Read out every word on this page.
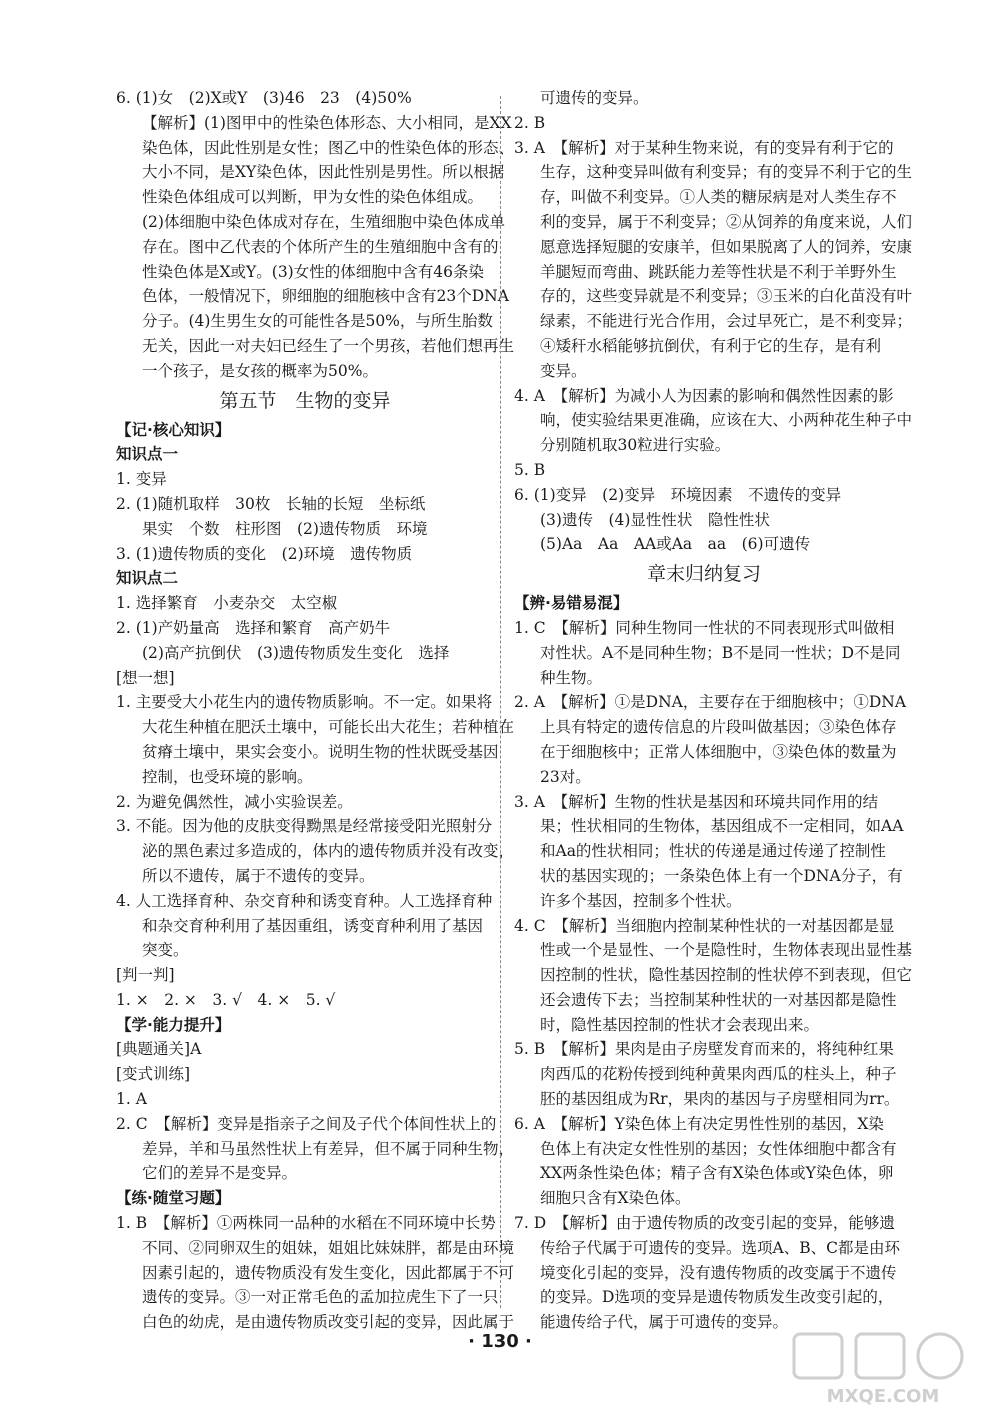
6. (1)女　(2)X或Y　(3)46　23　(4)50%
【解析】(1)图甲中的性染色体形态、大小相同，是XX
染色体，因此性别是女性；图乙中的性染色体的形态、
大小不同，是XY染色体，因此性别是男性。所以根据
性染色体组成可以判断，甲为女性的染色体组成。
(2)体细胞中染色体成对存在，生殖细胞中染色体成单
存在。图中乙代表的个体所产生的生殖细胞中含有的
性染色体是X或Y。(3)女性的体细胞中含有46条染
色体，一般情况下，卵细胞的细胞核中含有23个DNA
分子。(4)生男生女的可能性各是50%，与所生胎数
无关，因此一对夫妇已经生了一个男孩，若他们想再生
一个孩子，是女孩的概率为50%。
第五节　生物的变异
【记·核心知识】
知识点一
1. 变异
2. (1)随机取样　30枚　长轴的长短　坐标纸
果实　个数　柱形图　(2)遗传物质　环境
3. (1)遗传物质的变化　(2)环境　遗传物质
知识点二
1. 选择繁育　小麦杂交　太空椒
2. (1)产奶量高　选择和繁育　高产奶牛
(2)高产抗倒伏　(3)遗传物质发生变化　选择
[想一想]
1. 主要受大小花生内的遗传物质影响。不一定。如果将
大花生种植在肥沃土壤中，可能长出大花生；若种植在
贫瘠土壤中，果实会变小。说明生物的性状既受基因
控制，也受环境的影响。
2. 为避免偶然性，减小实验误差。
3. 不能。因为他的皮肤变得黝黑是经常接受阳光照射分
泌的黑色素过多造成的，体内的遗传物质并没有改变，
所以不遗传，属于不遗传的变异。
4. 人工选择育种、杂交育种和诱变育种。人工选择育种
和杂交育种利用了基因重组，诱变育种利用了基因
突变。
[判一判]
1. ×　2. ×　3. √　4. ×　5. √
【学·能力提升】
[典题通关]A
[变式训练]
1. A
2. C　【解析】变异是指亲子之间及子代个体间性状上的
差异，羊和马虽然性状上有差异，但不属于同种生物，
它们的差异不是变异。
【练·随堂习题】
1. B　【解析】①两株同一品种的水稻在不同环境中长势
不同、②同卵双生的姐妹，姐姐比妹妹胖，都是由环境
因素引起的，遗传物质没有发生变化，因此都属于不可
遗传的变异。③一对正常毛色的孟加拉虎生下了一只
白色的幼虎，是由遗传物质改变引起的变异，因此属于
可遗传的变异。
2. B
3. A　【解析】对于某种生物来说，有的变异有利于它的
生存，这种变异叫做有利变异；有的变异不利于它的生
存，叫做不利变异。①人类的糖尿病是对人类生存不
利的变异，属于不利变异；②从饲养的角度来说，人们
愿意选择短腿的安康羊，但如果脱离了人的饲养，安康
羊腿短而弯曲、跳跃能力差等性状是不利于羊野外生
存的，这些变异就是不利变异；③玉米的白化苗没有叶
绿素，不能进行光合作用，会过早死亡，是不利变异；
④矮秆水稻能够抗倒伏，有利于它的生存，是有利
变异。
4. A　【解析】为减小人为因素的影响和偶然性因素的影
响，使实验结果更准确，应该在大、小两种花生种子中
分别随机取30粒进行实验。
5. B
6. (1)变异　(2)变异　环境因素　不遗传的变异
(3)遗传　(4)显性性状　隐性性状
(5)Aa　Aa　AA或Aa　aa　(6)可遗传
章末归纳复习
【辨·易错易混】
1. C　【解析】同种生物同一性状的不同表现形式叫做相
对性状。A不是同种生物；B不是同一性状；D不是同
种生物。
2. A　【解析】①是DNA，主要存在于细胞核中；①DNA
上具有特定的遗传信息的片段叫做基因；③染色体存
在于细胞核中；正常人体细胞中，③染色体的数量为
23对。
3. A　【解析】生物的性状是基因和环境共同作用的结
果；性状相同的生物体，基因组成不一定相同，如AA
和Aa的性状相同；性状的传递是通过传递了控制性
状的基因实现的；一条染色体上有一个DNA分子，有
许多个基因，控制多个性状。
4. C　【解析】当细胞内控制某种性状的一对基因都是显
性或一个是显性、一个是隐性时，生物体表现出显性基
因控制的性状，隐性基因控制的性状停不到表现，但它
还会遗传下去；当控制某种性状的一对基因都是隐性
时，隐性基因控制的性状才会表现出来。
5. B　【解析】果肉是由子房壁发育而来的，将纯种红果
肉西瓜的花粉传授到纯种黄果肉西瓜的柱头上，种子
胚的基因组成为Rr，果肉的基因与子房壁相同为rr。
6. A　【解析】Y染色体上有决定男性性别的基因，X染
色体上有决定女性性别的基因；女性体细胞中都含有
XX两条性染色体；精子含有X染色体或Y染色体，卵
细胞只含有X染色体。
7. D　【解析】由于遗传物质的改变引起的变异，能够遗
传给子代属于可遗传的变异。选项A、B、C都是由环
境变化引起的变异，没有遗传物质的改变属于不遗传
的变异。D选项的变异是遗传物质发生改变引起的，
能遗传给子代，属于可遗传的变异。
· 130 ·
MXQE.COM
